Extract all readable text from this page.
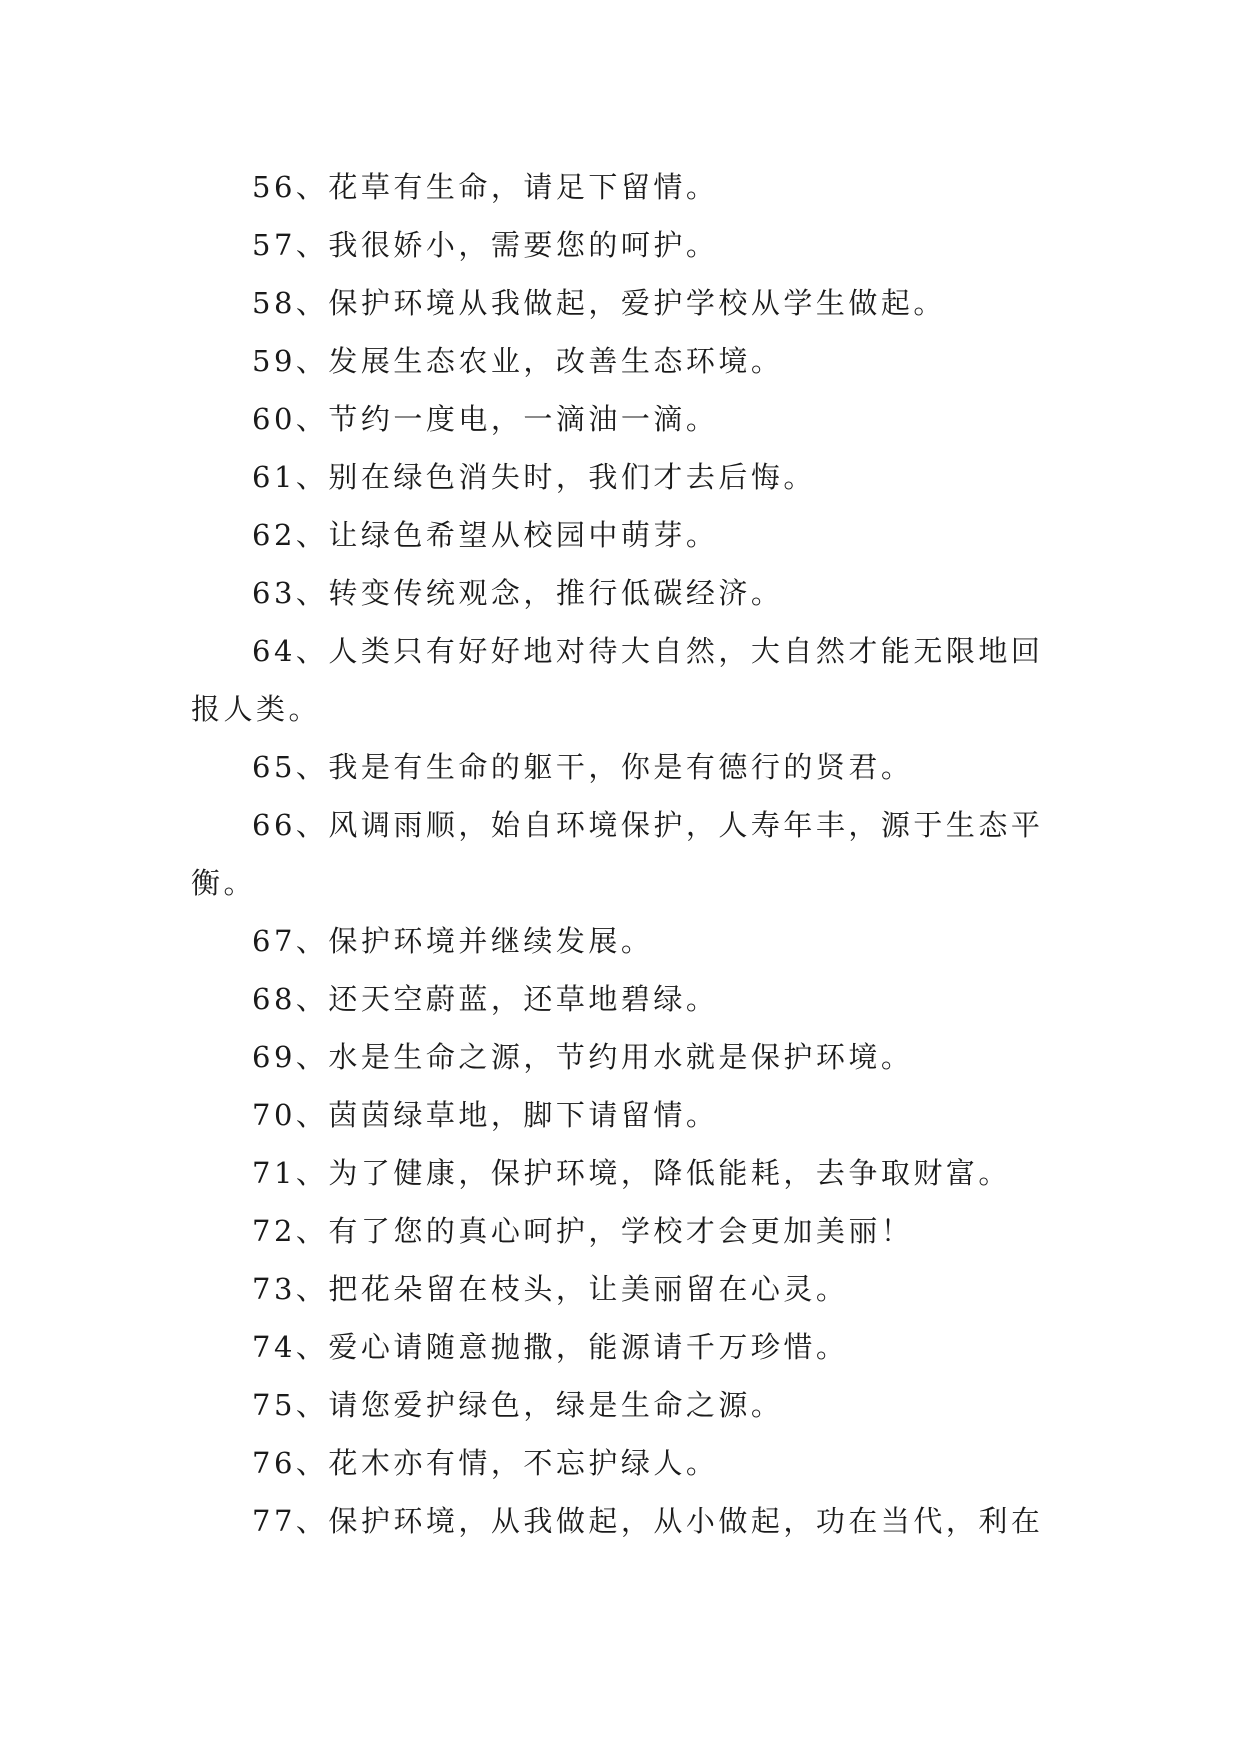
56、花草有生命，请足下留情。
57、我很娇小，需要您的呵护。
58、保护环境从我做起，爱护学校从学生做起。
59、发展生态农业，改善生态环境。
60、节约一度电，一滴油一滴。
61、别在绿色消失时，我们才去后悔。
62、让绿色希望从校园中萌芽。
63、转变传统观念，推行低碳经济。
64、人类只有好好地对待大自然，大自然才能无限地回
报人类。
65、我是有生命的躯干，你是有德行的贤君。
66、风调雨顺，始自环境保护，人寿年丰，源于生态平
衡。
67、保护环境并继续发展。
68、还天空蔚蓝，还草地碧绿。
69、水是生命之源，节约用水就是保护环境。
70、茵茵绿草地，脚下请留情。
71、为了健康，保护环境，降低能耗，去争取财富。
72、有了您的真心呵护，学校才会更加美丽！
73、把花朵留在枝头，让美丽留在心灵。
74、爱心请随意抛撒，能源请千万珍惜。
75、请您爱护绿色，绿是生命之源。
76、花木亦有情，不忘护绿人。
77、保护环境，从我做起，从小做起，功在当代，利在
